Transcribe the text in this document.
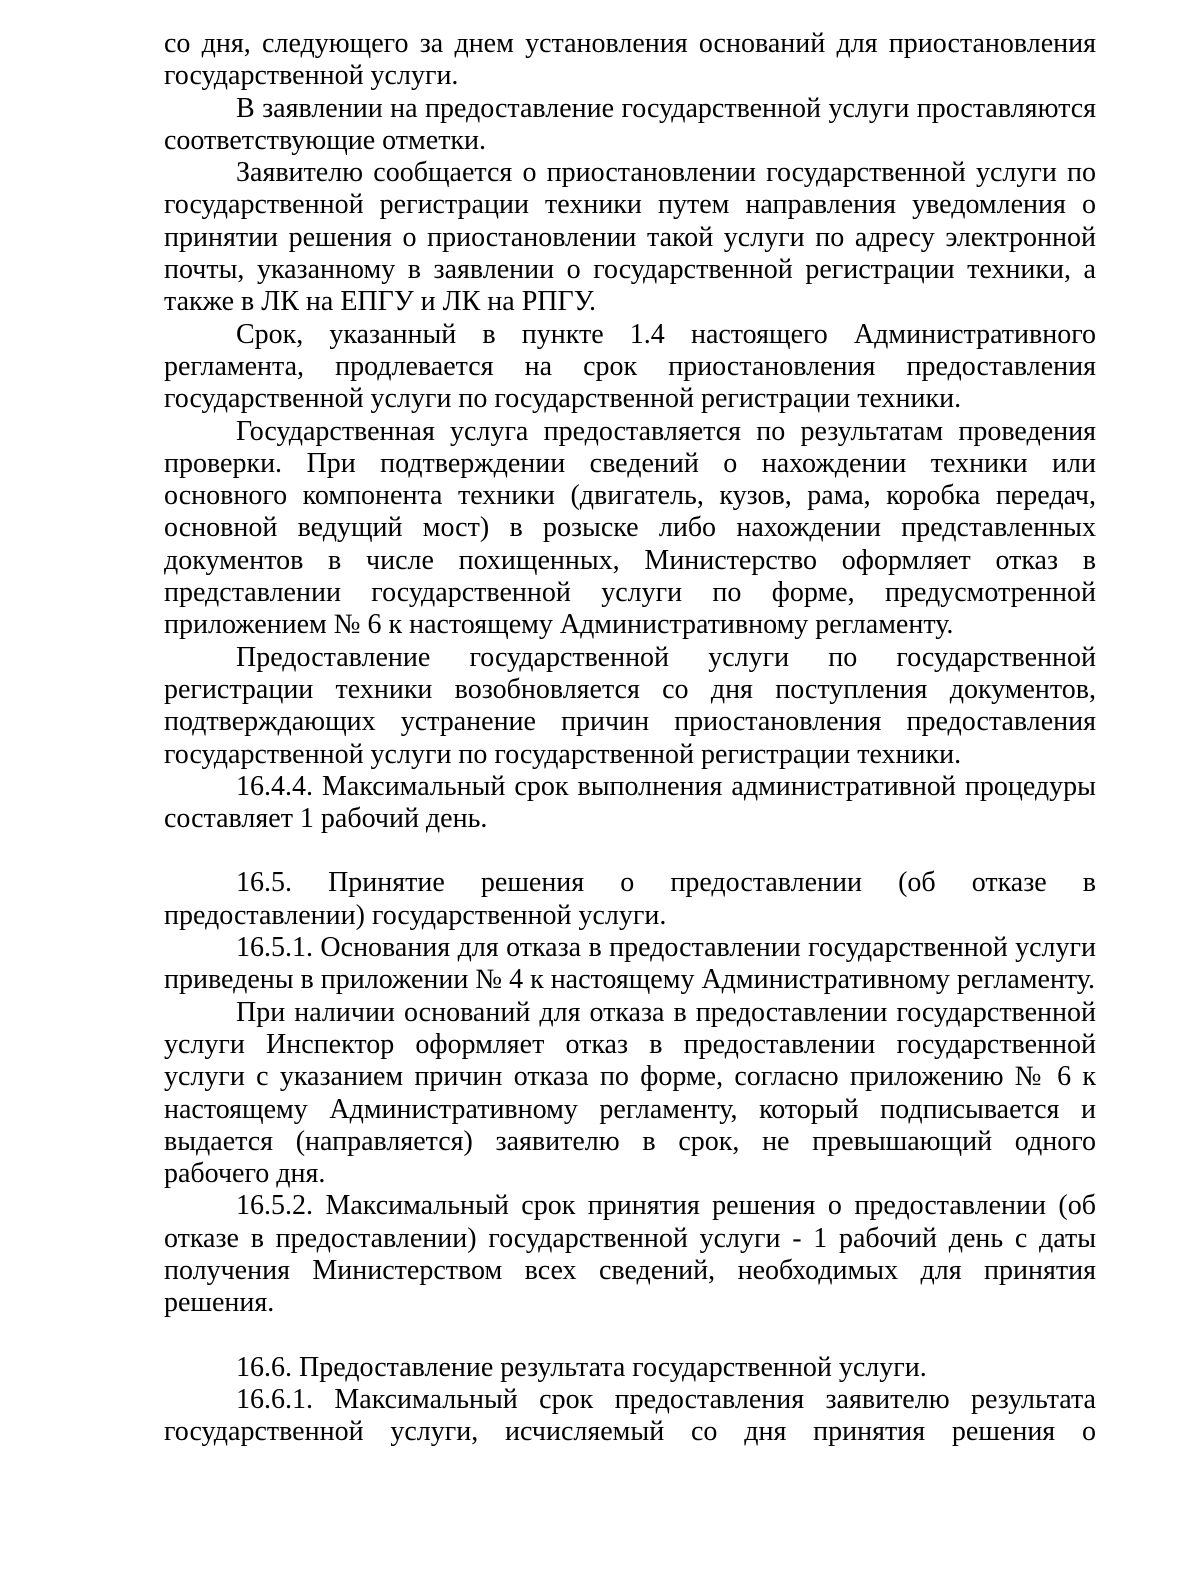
со дня, следующего за днем установления оснований для приостановления государственной услуги.

В заявлении на предоставление государственной услуги проставляются соответствующие отметки.

Заявителю сообщается о приостановлении государственной услуги по государственной регистрации техники путем направления уведомления о принятии решения о приостановлении такой услуги по адресу электронной почты, указанному в заявлении о государственной регистрации техники, а также в ЛК на ЕПГУ и ЛК на РПГУ.

Срок, указанный в пункте 1.4 настоящего Административного регламента, продлевается на срок приостановления предоставления государственной услуги по государственной регистрации техники.

Государственная услуга предоставляется по результатам проведения проверки. При подтверждении сведений о нахождении техники или основного компонента техники (двигатель, кузов, рама, коробка передач, основной ведущий мост) в розыске либо нахождении представленных документов в числе похищенных, Министерство оформляет отказ в представлении государственной услуги по форме, предусмотренной приложением № 6 к настоящему Административному регламенту.

Предоставление государственной услуги по государственной регистрации техники возобновляется со дня поступления документов, подтверждающих устранение причин приостановления предоставления государственной услуги по государственной регистрации техники.

16.4.4. Максимальный срок выполнения административной процедуры составляет 1 рабочий день.

16.5. Принятие решения о предоставлении (об отказе в предоставлении) государственной услуги.

16.5.1. Основания для отказа в предоставлении государственной услуги приведены в приложении № 4 к настоящему Административному регламенту.

При наличии оснований для отказа в предоставлении государственной услуги Инспектор оформляет отказ в предоставлении государственной услуги с указанием причин отказа по форме, согласно приложению № 6 к настоящему Административному регламенту, который подписывается и выдается (направляется) заявителю в срок, не превышающий одного рабочего дня.

16.5.2. Максимальный срок принятия решения о предоставлении (об отказе в предоставлении) государственной услуги - 1 рабочий день с даты получения Министерством всех сведений, необходимых для принятия решения.

16.6. Предоставление результата государственной услуги.

16.6.1. Максимальный срок предоставления заявителю результата государственной услуги, исчисляемый со дня принятия решения о
